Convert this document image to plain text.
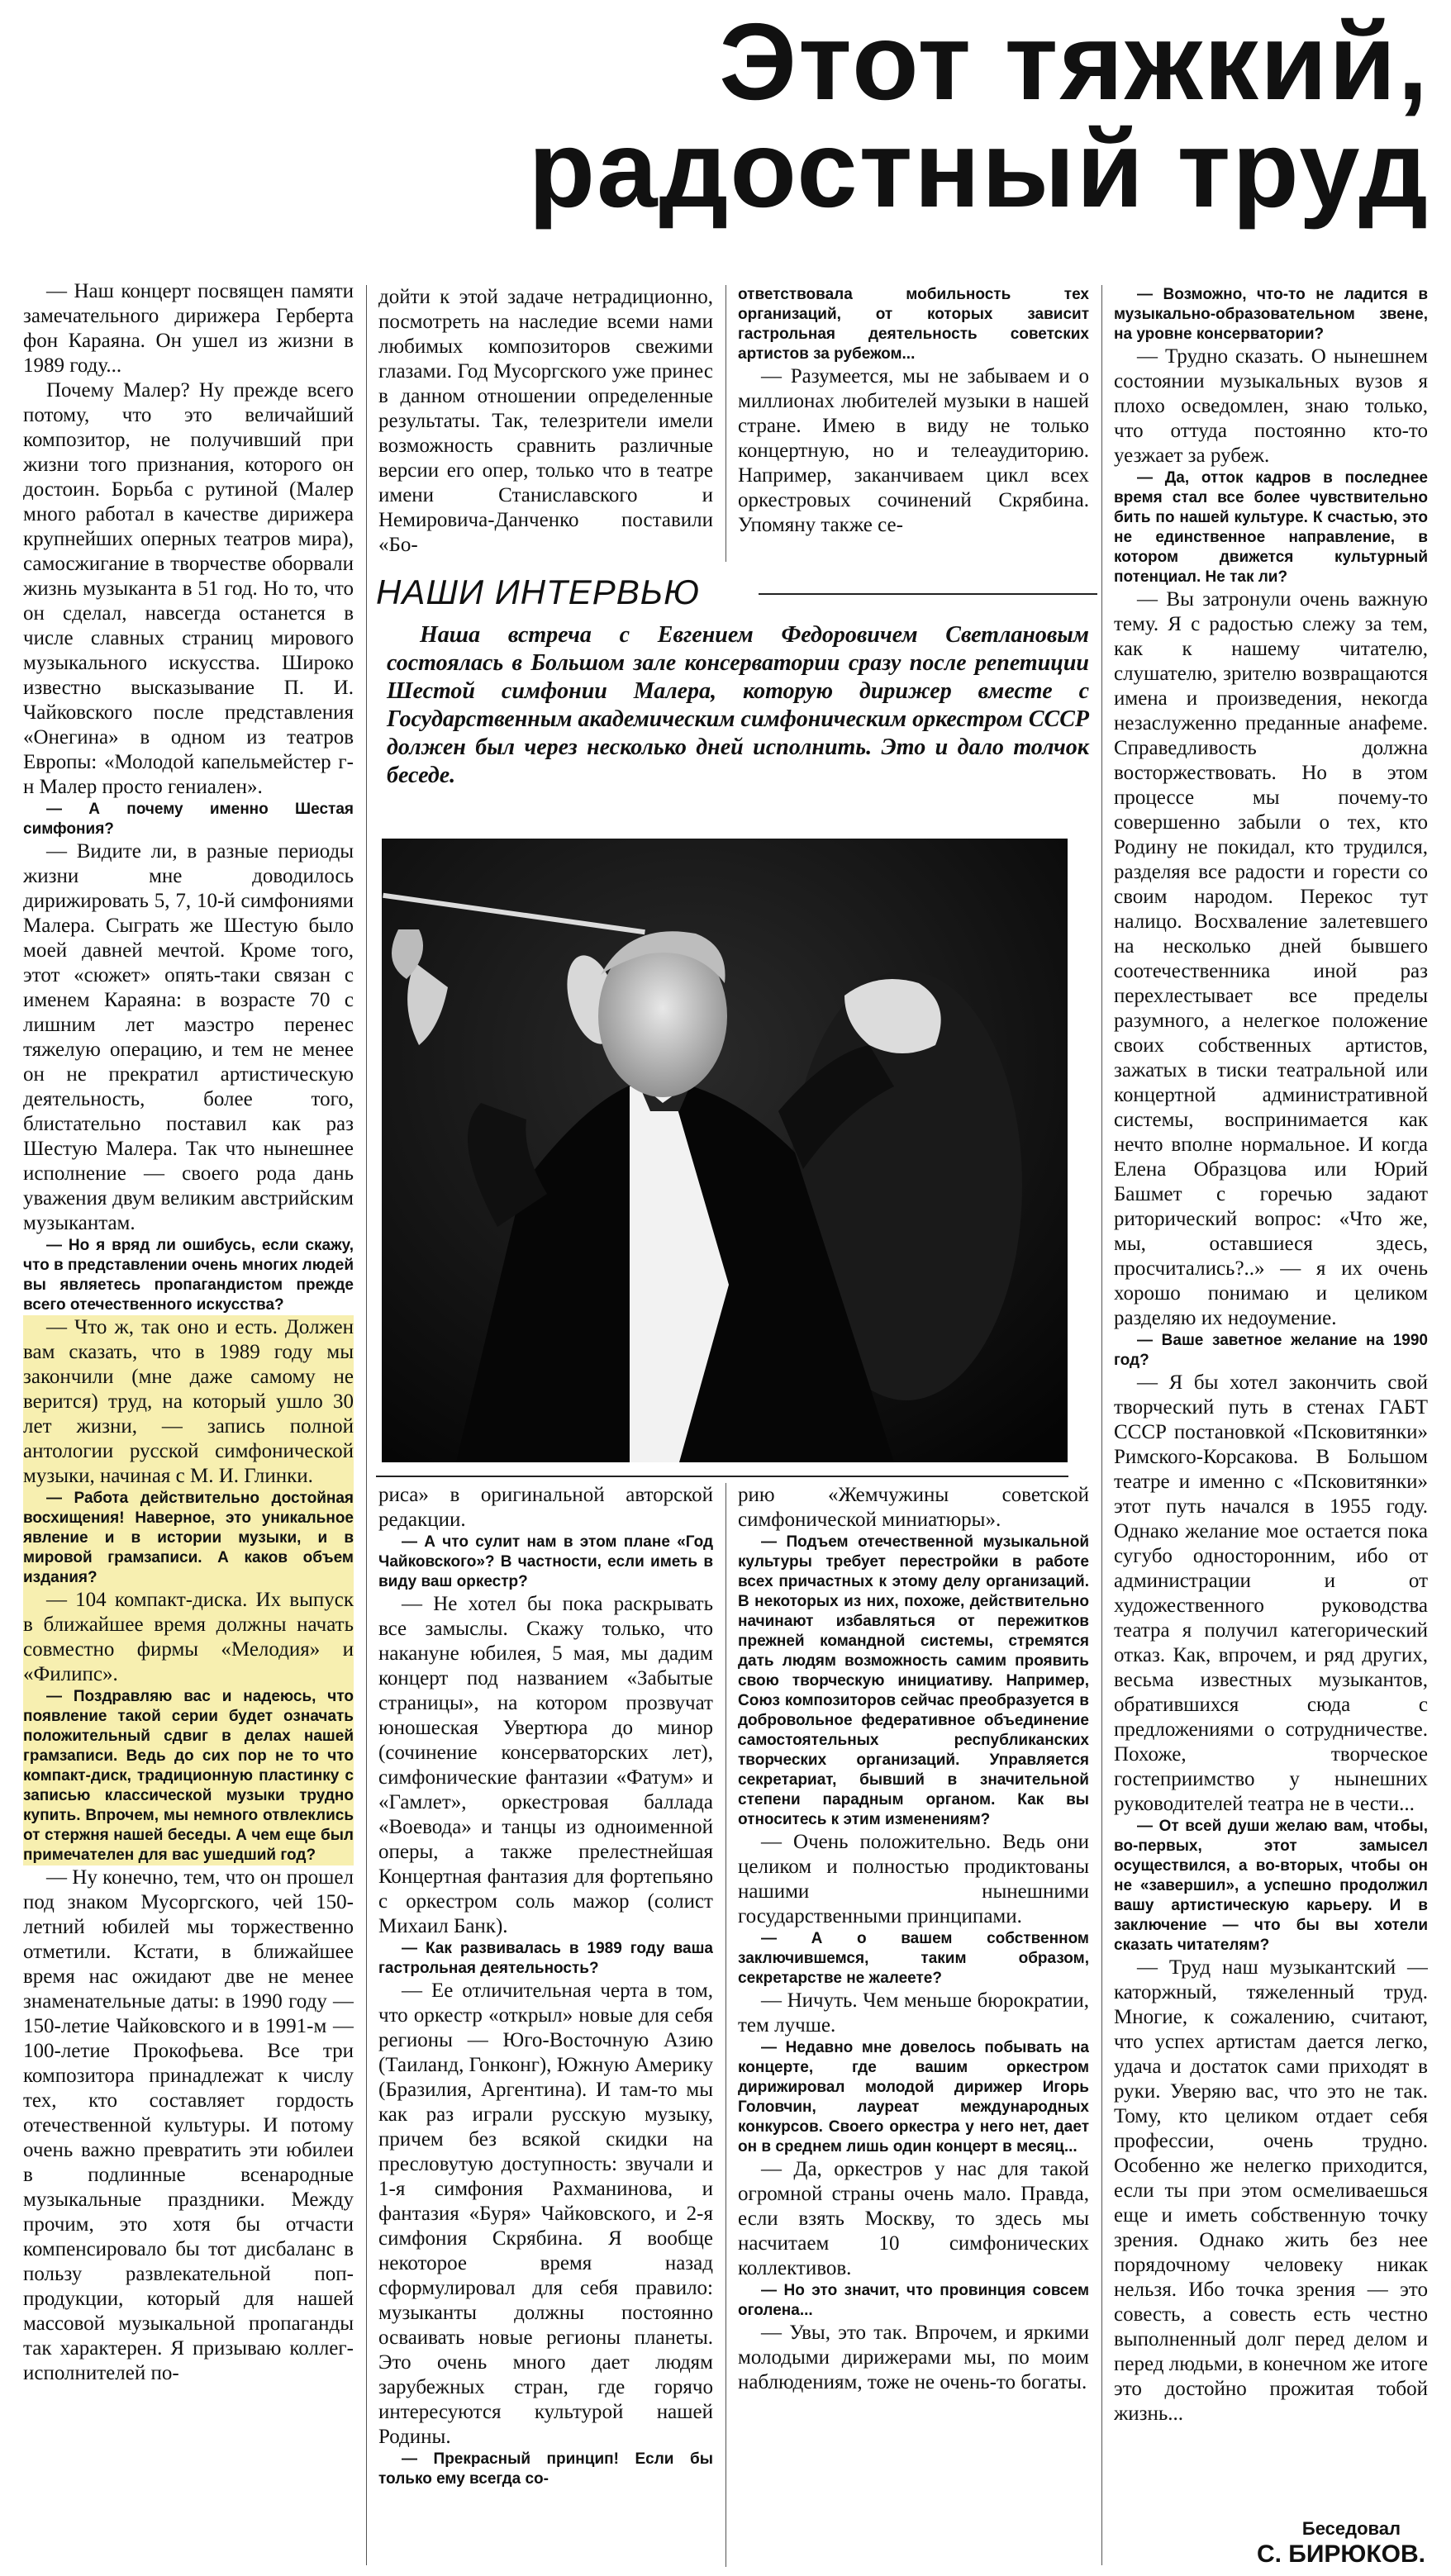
Этот тяжкий,
радостный труд

— Наш концерт посвящен памяти замечательного дирижера Герберта фон Караяна. Он ушел из жизни в 1989 году...

Почему Малер? Ну прежде всего потому, что это величайший композитор, не получивший при жизни того признания, которого он достоин. Борьба с рутиной (Малер много работал в качестве дирижера крупнейших оперных театров мира), самосжигание в творчестве оборвали жизнь музыканта в 51 год. Но то, что он сделал, навсегда останется в числе славных страниц мирового музыкального искусства. Широко известно высказывание П. И. Чайковского после представления «Онегина» в одном из театров Европы: «Молодой капельмейстер г-н Малер просто гениален».

— А почему именно Шестая симфония?

— Видите ли, в разные периоды жизни мне доводилось дирижировать 5, 7, 10-й симфониями Малера. Сыграть же Шестую было моей давней мечтой. Кроме того, этот «сюжет» опять-таки связан с именем Караяна: в возрасте 70 с лишним лет маэстро перенес тяжелую операцию, и тем не менее он не прекратил артистическую деятельность, более того, блистательно поставил как раз Шестую Малера. Так что нынешнее исполнение — своего рода дань уважения двум великим австрийским музыкантам.

— Но я вряд ли ошибусь, если скажу, что в представлении очень многих людей вы являетесь пропагандистом прежде всего отечественного искусства?

— Что ж, так оно и есть. Должен вам сказать, что в 1989 году мы закончили (мне даже самому не верится) труд, на который ушло 30 лет жизни, — запись полной антологии русской симфонической музыки, начиная с М. И. Глинки.

— Работа действительно достойная восхищения! Наверное, это уникальное явление и в истории музыки, и в мировой грамзаписи. А каков объем издания?

— 104 компакт-диска. Их выпуск в ближайшее время должны начать совместно фирмы «Мелодия» и «Филипс».

— Поздравляю вас и надеюсь, что появление такой серии будет означать положительный сдвиг в делах нашей грамзаписи. Ведь до сих пор не то что компакт-диск, традиционную пластинку с записью классической музыки трудно купить. Впрочем, мы немного отвлеклись от стержня нашей беседы. А чем еще был примечателен для вас ушедший год?

— Ну конечно, тем, что он прошел под знаком Мусоргского, чей 150-летний юбилей мы торжественно отметили. Кстати, в ближайшее время нас ожидают две не менее знаменательные даты: в 1990 году — 150-летие Чайковского и в 1991-м — 100-летие Прокофьева. Все три композитора принадлежат к числу тех, кто составляет гордость отечественной культуры. И потому очень важно превратить эти юбилеи в подлинные всенародные музыкальные праздники. Между прочим, это хотя бы отчасти компенсировало бы тот дисбаланс в пользу развлекательной поп-продукции, который для нашей массовой музыкальной пропаганды так характерен. Я призываю коллег-исполнителей по-

дойти к этой задаче нетрадиционно, посмотреть на наследие всеми нами любимых композиторов свежими глазами. Год Мусоргского уже принес в данном отношении определенные результаты. Так, телезрители имели возможность сравнить различные версии его опер, только что в театре имени Станиславского и Немировича-Данченко поставили «Бо-

ответствовала мобильность тех организаций, от которых зависит гастрольная деятельность советских артистов за рубежом...

— Разумеется, мы не забываем и о миллионах любителей музыки в нашей стране. Имею в виду не только концертную, но и телеаудиторию. Например, заканчиваем цикл всех оркестровых сочинений Скрябина. Упомяну также се-

НАШИ ИНТЕРВЬЮ

Наша встреча с Евгением Федоровичем Светлановым состоялась в Большом зале консерватории сразу после репетиции Шестой симфонии Малера, которую дирижер вместе с Государственным академическим симфоническим оркестром СССР должен был через несколько дней исполнить. Это и дало толчок беседе.

риса» в оригинальной авторской редакции.

— А что сулит нам в этом плане «Год Чайковского»? В частности, если иметь в виду ваш оркестр?

— Не хотел бы пока раскрывать все замыслы. Скажу только, что накануне юбилея, 5 мая, мы дадим концерт под названием «Забытые страницы», на котором прозвучат юношеская Увертюра до минор (сочинение консерваторских лет), симфонические фантазии «Фатум» и «Гамлет», оркестровая баллада «Воевода» и танцы из одноименной оперы, а также прелестнейшая Концертная фантазия для фортепьяно с оркестром соль мажор (солист Михаил Банк).

— Как развивалась в 1989 году ваша гастрольная деятельность?

— Ее отличительная черта в том, что оркестр «открыл» новые для себя регионы — Юго-Восточную Азию (Таиланд, Гонконг), Южную Америку (Бразилия, Аргентина). И там-то мы как раз играли русскую музыку, причем без всякой скидки на пресловутую доступность: звучали и 1-я симфония Рахманинова, и фантазия «Буря» Чайковского, и 2-я симфония Скрябина. Я вообще некоторое время назад сформулировал для себя правило: музыканты должны постоянно осваивать новые регионы планеты. Это очень много дает людям зарубежных стран, где горячо интересуются культурой нашей Родины.

— Прекрасный принцип! Если бы только ему всегда со-

рию «Жемчужины советской симфонической миниатюры».

— Подъем отечественной музыкальной культуры требует перестройки в работе всех причастных к этому делу организаций. В некоторых из них, похоже, действительно начинают избавляться от пережитков прежней командной системы, стремятся дать людям возможность самим проявить свою творческую инициативу. Например, Союз композиторов сейчас преобразуется в добровольное федеративное объединение самостоятельных республиканских творческих организаций. Управляется секретариат, бывший в значительной степени парадным органом. Как вы относитесь к этим изменениям?

— Очень положительно. Ведь они целиком и полностью продиктованы нашими нынешними государственными принципами.

— А о вашем собственном заключившемся, таким образом, секретарстве не жалеете?

— Ничуть. Чем меньше бюрократии, тем лучше.

— Недавно мне довелось побывать на концерте, где вашим оркестром дирижировал молодой дирижер Игорь Головчин, лауреат международных конкурсов. Своего оркестра у него нет, дает он в среднем лишь один концерт в месяц...

— Да, оркестров у нас для такой огромной страны очень мало. Правда, если взять Москву, то здесь мы насчитаем 10 симфонических коллективов.

— Но это значит, что провинция совсем оголена...

— Увы, это так. Впрочем, и яркими молодыми дирижерами мы, по моим наблюдениям, тоже не очень-то богаты.

— Возможно, что-то не ладится в музыкально-образовательном звене, на уровне консерватории?

— Трудно сказать. О нынешнем состоянии музыкальных вузов я плохо осведомлен, знаю только, что оттуда постоянно кто-то уезжает за рубеж.

— Да, отток кадров в последнее время стал все более чувствительно бить по нашей культуре. К счастью, это не единственное направление, в котором движется культурный потенциал. Не так ли?

— Вы затронули очень важную тему. Я с радостью слежу за тем, как к нашему читателю, слушателю, зрителю возвращаются имена и произведения, некогда незаслуженно преданные анафеме. Справедливость должна восторжествовать. Но в этом процессе мы почему-то совершенно забыли о тех, кто Родину не покидал, кто трудился, разделяя все радости и горести со своим народом. Перекос тут налицо. Восхваление залетевшего на несколько дней бывшего соотечественника иной раз перехлестывает все пределы разумного, а нелегкое положение своих собственных артистов, зажатых в тиски театральной или концертной административной системы, воспринимается как нечто вполне нормальное. И когда Елена Образцова или Юрий Башмет с горечью задают риторический вопрос: «Что же, мы, оставшиеся здесь, просчитались?..» — я их очень хорошо понимаю и целиком разделяю их недоумение.

— Ваше заветное желание на 1990 год?

— Я бы хотел закончить свой творческий путь в стенах ГАБТ СССР постановкой «Псковитянки» Римского-Корсакова. В Большом театре и именно с «Псковитянки» этот путь начался в 1955 году. Однако желание мое остается пока сугубо односторонним, ибо от администрации и от художественного руководства театра я получил категорический отказ. Как, впрочем, и ряд других, весьма известных музыкантов, обратившихся сюда с предложениями о сотрудничестве. Похоже, творческое гостеприимство у нынешних руководителей театра не в чести...

— От всей души желаю вам, чтобы, во-первых, этот замысел осуществился, а во-вторых, чтобы он не «завершил», а успешно продолжил вашу артистическую карьеру. И в заключение — что бы вы хотели сказать читателям?

— Труд наш музыкантский — каторжный, тяжеленный труд. Многие, к сожалению, считают, что успех артистам дается легко, удача и достаток сами приходят в руки. Уверяю вас, что это не так. Тому, кто целиком отдает себя профессии, очень трудно. Особенно же нелегко приходится, если ты при этом осмеливаешься еще и иметь собственную точку зрения. Однако жить без нее порядочному человеку никак нельзя. Ибо точка зрения — это совесть, а совесть есть честно выполненный долг перед делом и перед людьми, в конечном же итоге это достойно прожитая тобой жизнь...

Беседовал
С. БИРЮКОВ.
